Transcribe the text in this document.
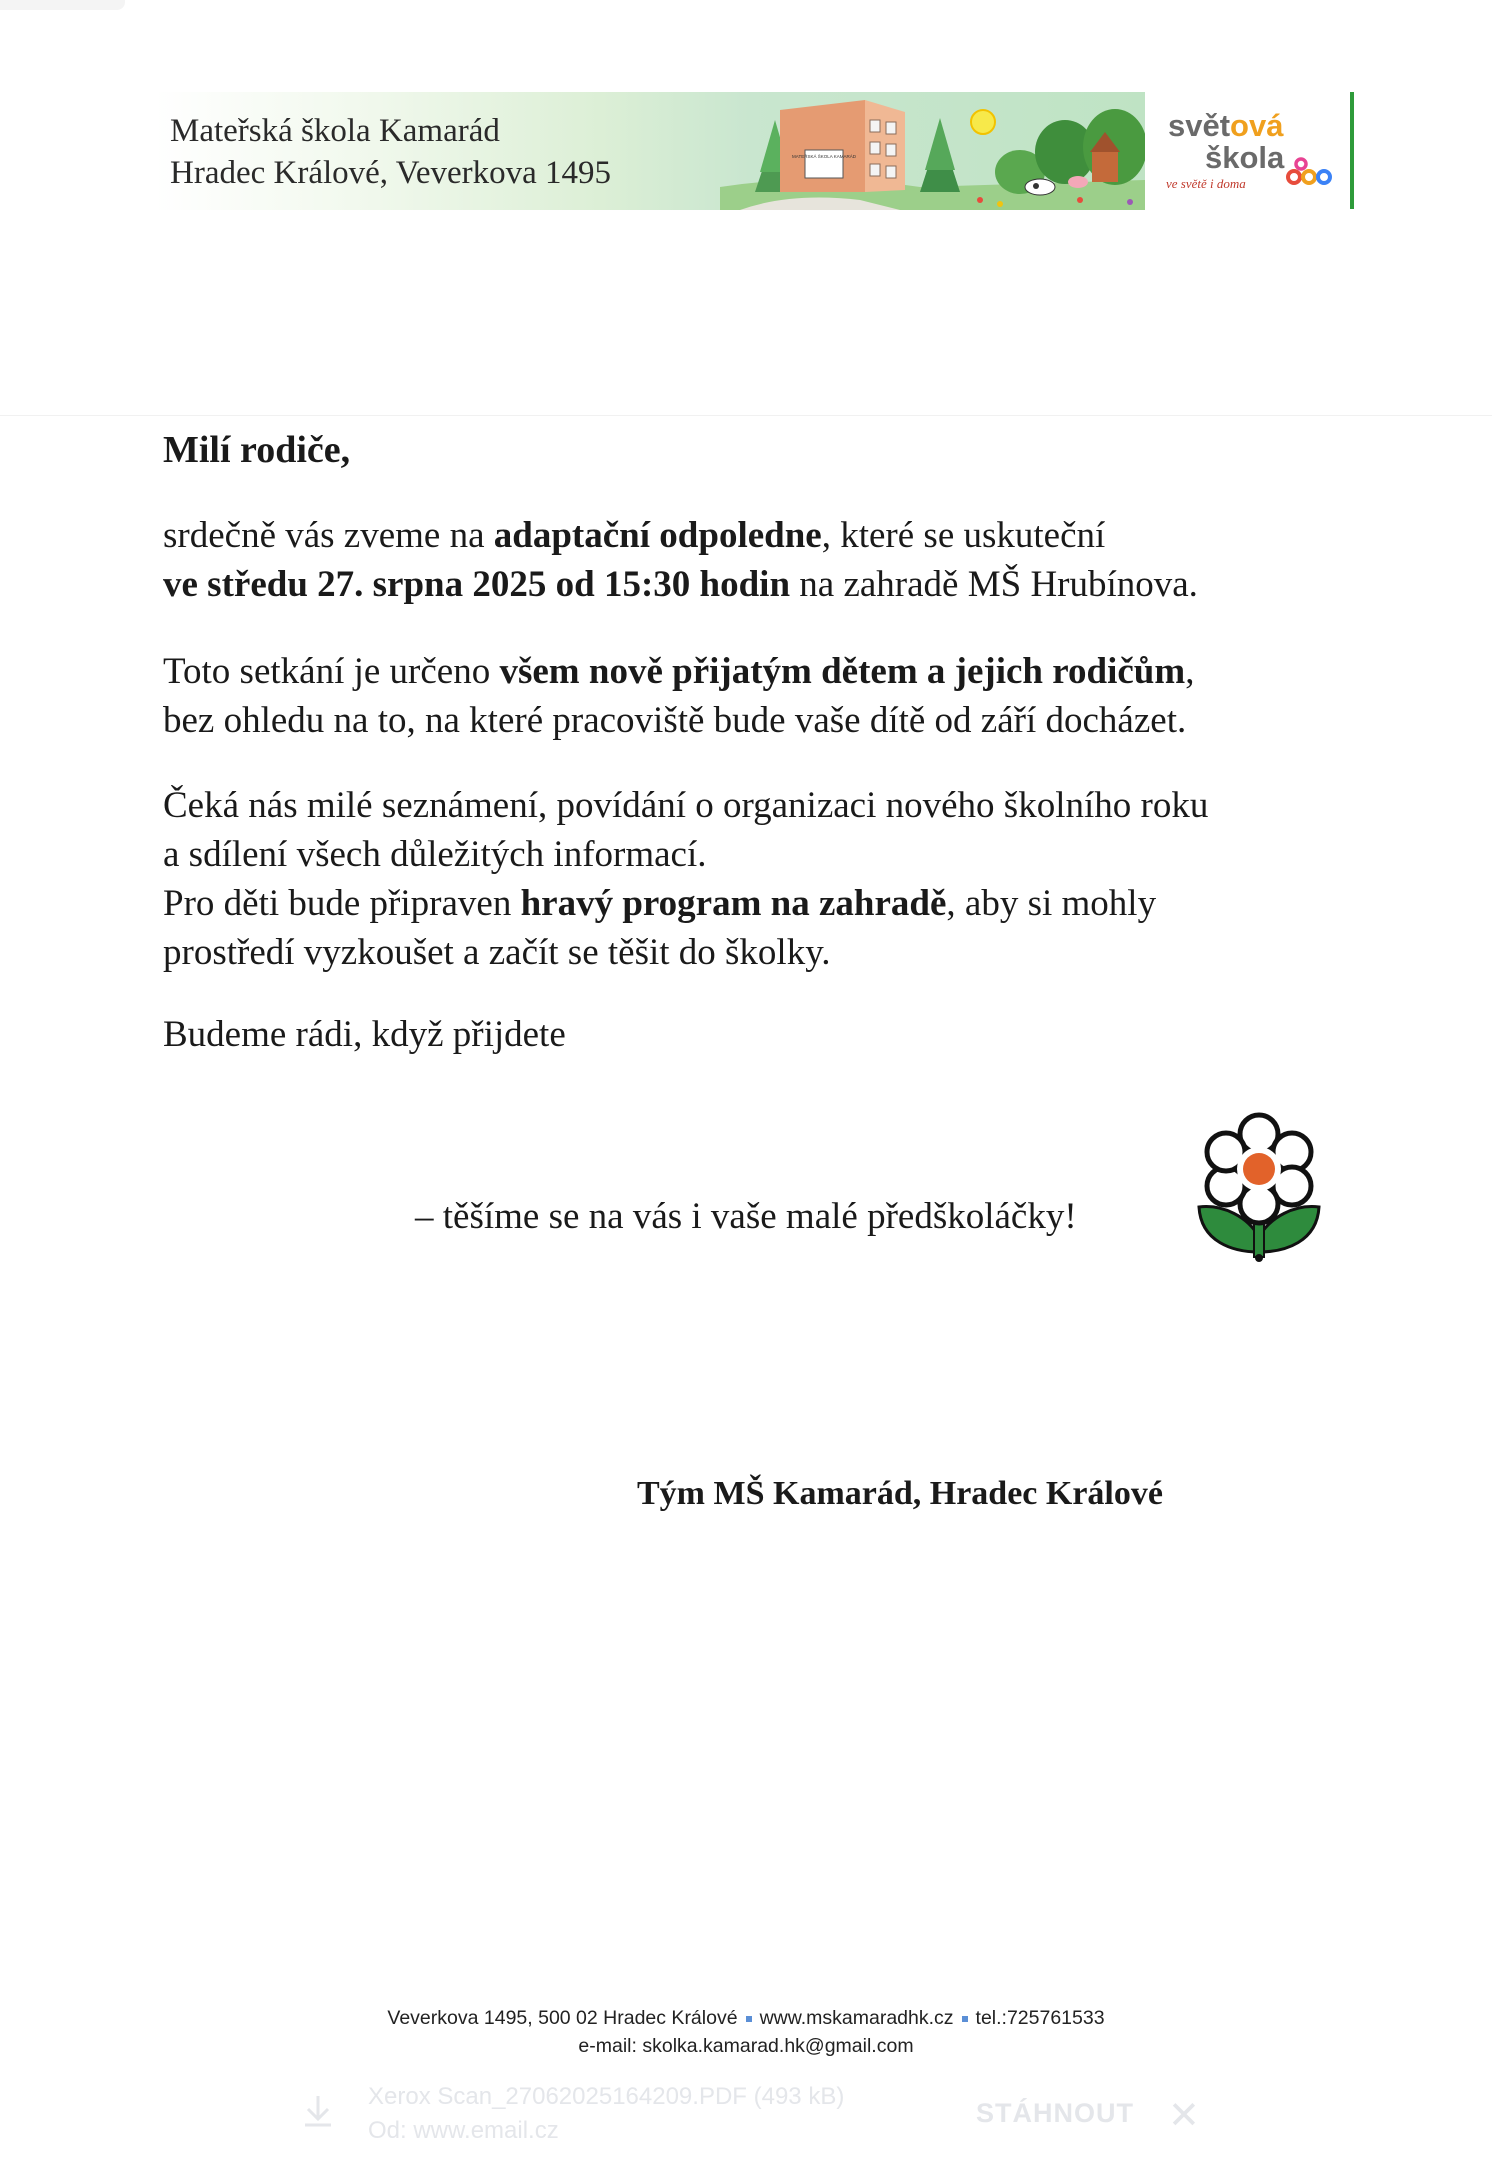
Mateřská škola Kamarád
Hradec Králové, Veverkova 1495	MATEŘSKÁ ŠKOLA KAMARÁD
světová
škola
ve světě i doma
Milí rodiče,
srdečně vás zveme na adaptační odpoledne, které se uskuteční
ve středu 27. srpna 2025 od 15:30 hodin na zahradě MŠ Hrubínova.
Toto setkání je určeno všem nově přijatým dětem a jejich rodičům,
bez ohledu na to, na které pracoviště bude vaše dítě od září docházet.
Čeká nás milé seznámení, povídání o organizaci nového školního roku
a sdílení všech důležitých informací.
Pro děti bude připraven hravý program na zahradě, aby si mohly
prostředí vyzkoušet a začít se těšit do školky.
Budeme rádi, když přijdete
– těšíme se na vás i vaše malé předškoláčky!
Tým MŠ Kamarád, Hradec Králové
Veverkova 1495, 500 02 Hradec Králové www.mskamaradhk.cz tel.:725761533
e-mail: skolka.kamarad.hk@gmail.com
Xerox Scan_27062025164209.PDF (493 kB)
Od: www.email.cz
STÁHNOUT ✕
